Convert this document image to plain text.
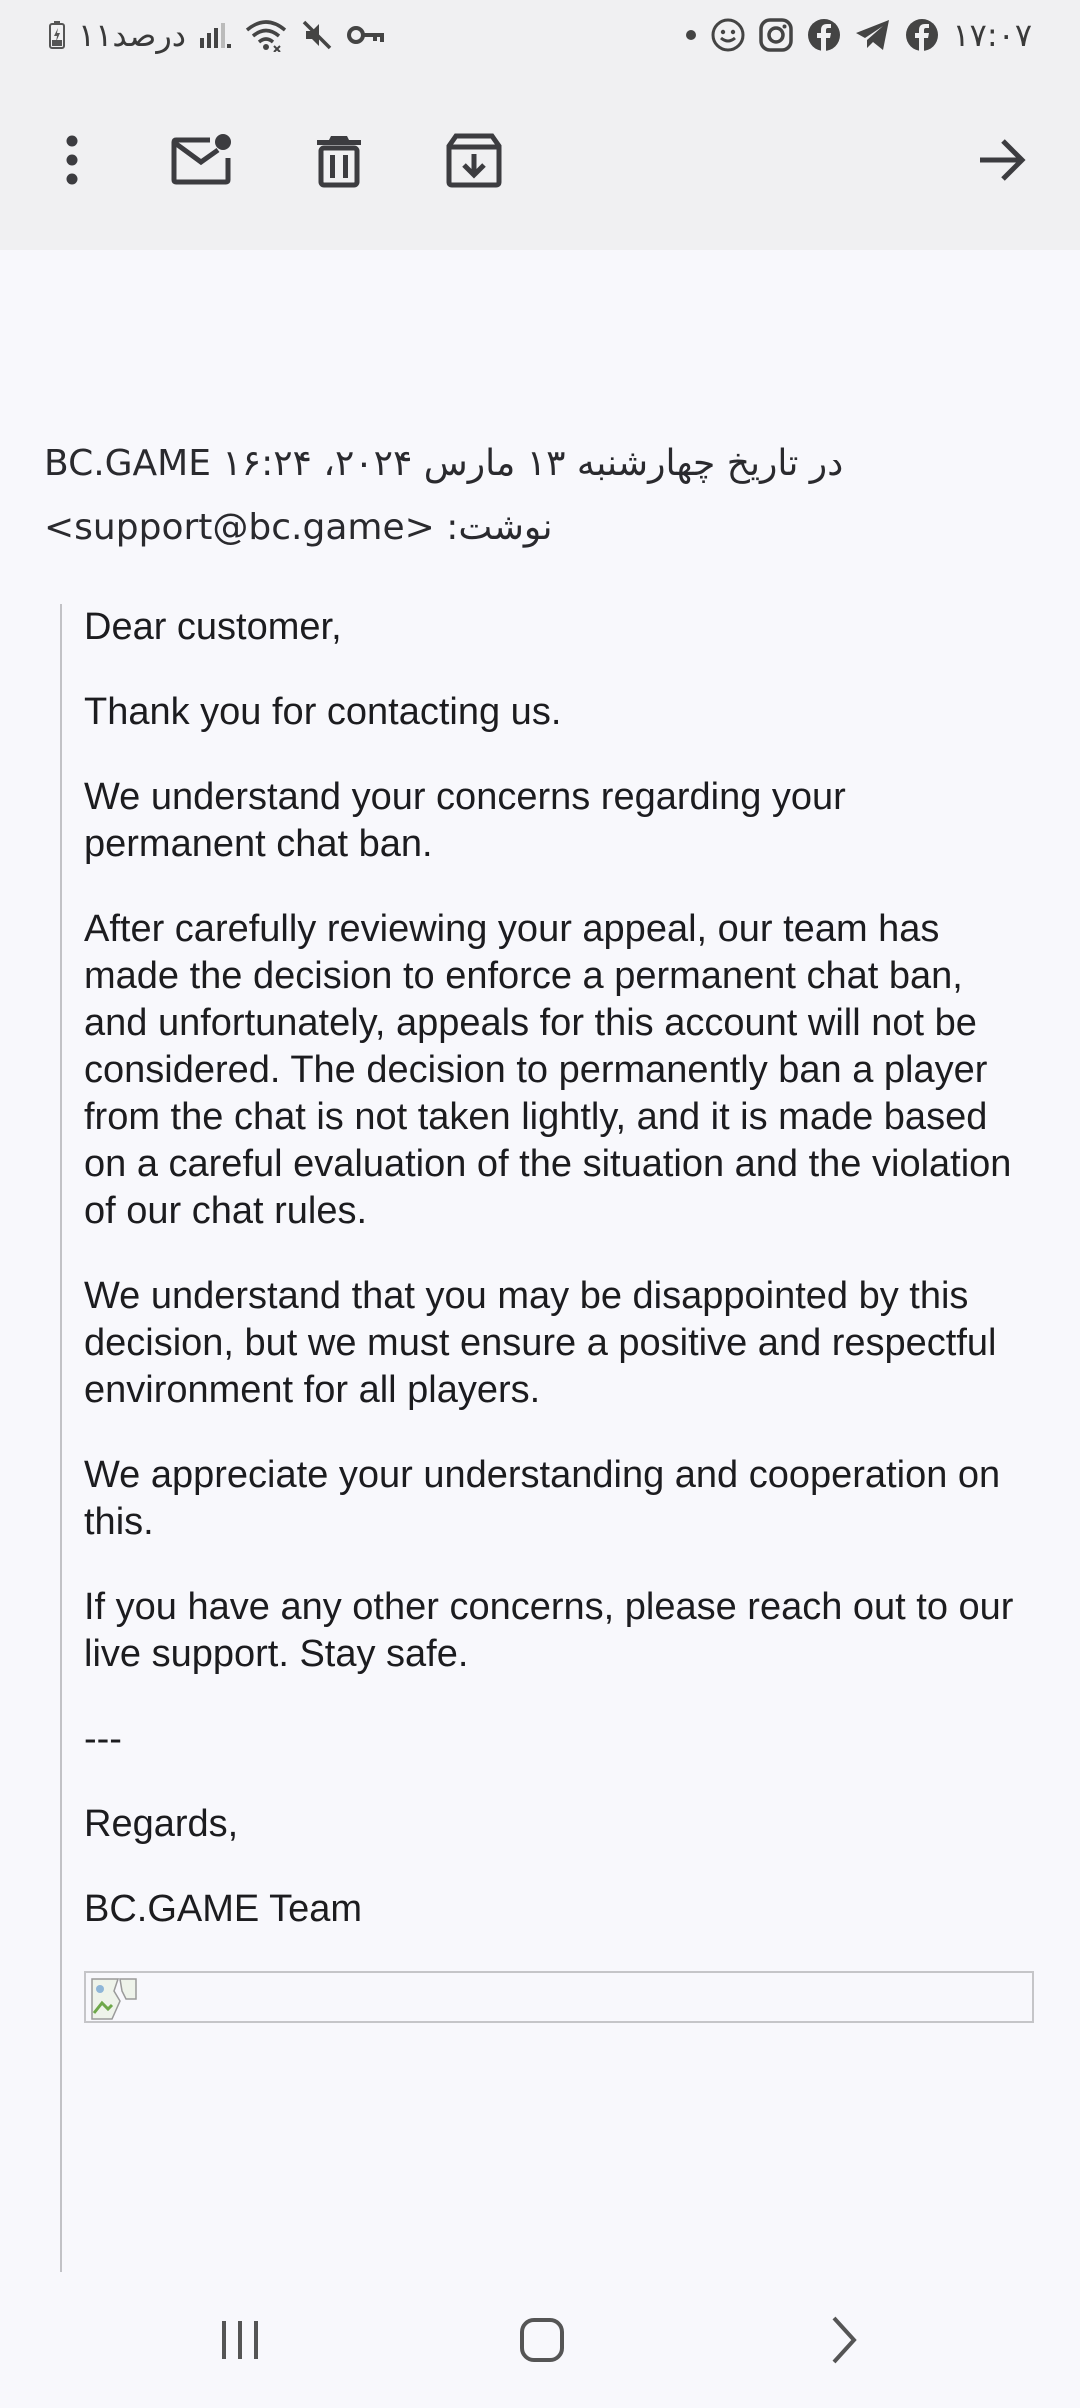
۱۱درصد	۱۷:۰۷
BC.GAME در تاریخ چهارشنبه ۱۳ مارس ۲۰۲۴، ۱۶:۲۴
<support@bc.game> نوشت:

Dear customer,

Thank you for contacting us.

We understand your concerns regarding your permanent chat ban.

After carefully reviewing your appeal, our team has made the decision to enforce a permanent chat ban, and unfortunately, appeals for this account will not be considered. The decision to permanently ban a player from the chat is not taken lightly, and it is made based on a careful evaluation of the situation and the violation of our chat rules.

We understand that you may be disappointed by this decision, but we must ensure a positive and respectful environment for all players.

We appreciate your understanding and cooperation on this.

If you have any other concerns, please reach out to our live support. Stay safe.

---

Regards,

BC.GAME Team
